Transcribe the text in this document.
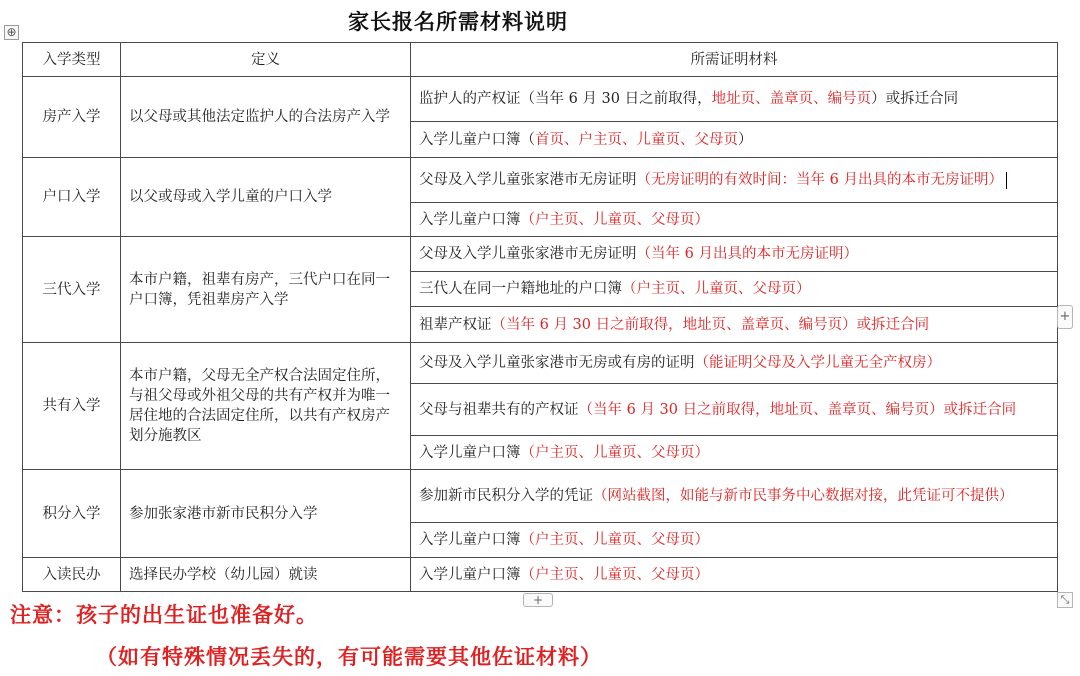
家长报名所需材料说明
⊕
入学类型	定义	所需证明材料
房产入学	以父母或其他法定监护人的合法房产入学	监护人的产权证（当年 6 月 30 日之前取得，地址页、盖章页、编号页）或拆迁合同
		入学儿童户口簿（首页、户主页、儿童页、父母页）
户口入学	以父或母或入学儿童的户口入学	父母及入学儿童张家港市无房证明（无房证明的有效时间：当年 6 月出具的本市无房证明）
		入学儿童户口簿（户主页、儿童页、父母页）
三代入学	本市户籍，祖辈有房产，三代户口在同一户口簿，凭祖辈房产入学	父母及入学儿童张家港市无房证明（当年 6 月出具的本市无房证明）
		三代人在同一户籍地址的户口簿（户主页、儿童页、父母页）
		祖辈产权证（当年 6 月 30 日之前取得，地址页、盖章页、编号页）或拆迁合同
共有入学	本市户籍，父母无全产权合法固定住所，与祖父母或外祖父母的共有产权并为唯一居住地的合法固定住所，以共有产权房产划分施教区	父母及入学儿童张家港市无房或有房的证明（能证明父母及入学儿童无全产权房）
		父母与祖辈共有的产权证（当年 6 月 30 日之前取得，地址页、盖章页、编号页）或拆迁合同
		入学儿童户口簿（户主页、儿童页、父母页）
积分入学	参加张家港市新市民积分入学	参加新市民积分入学的凭证（网站截图，如能与新市民事务中心数据对接，此凭证可不提供）
		入学儿童户口簿（户主页、儿童页、父母页）
入读民办	选择民办学校（幼儿园）就读	入学儿童户口簿（户主页、儿童页、父母页）
+
+	⤡
注意：孩子的出生证也准备好。
（如有特殊情况丢失的，有可能需要其他佐证材料）
